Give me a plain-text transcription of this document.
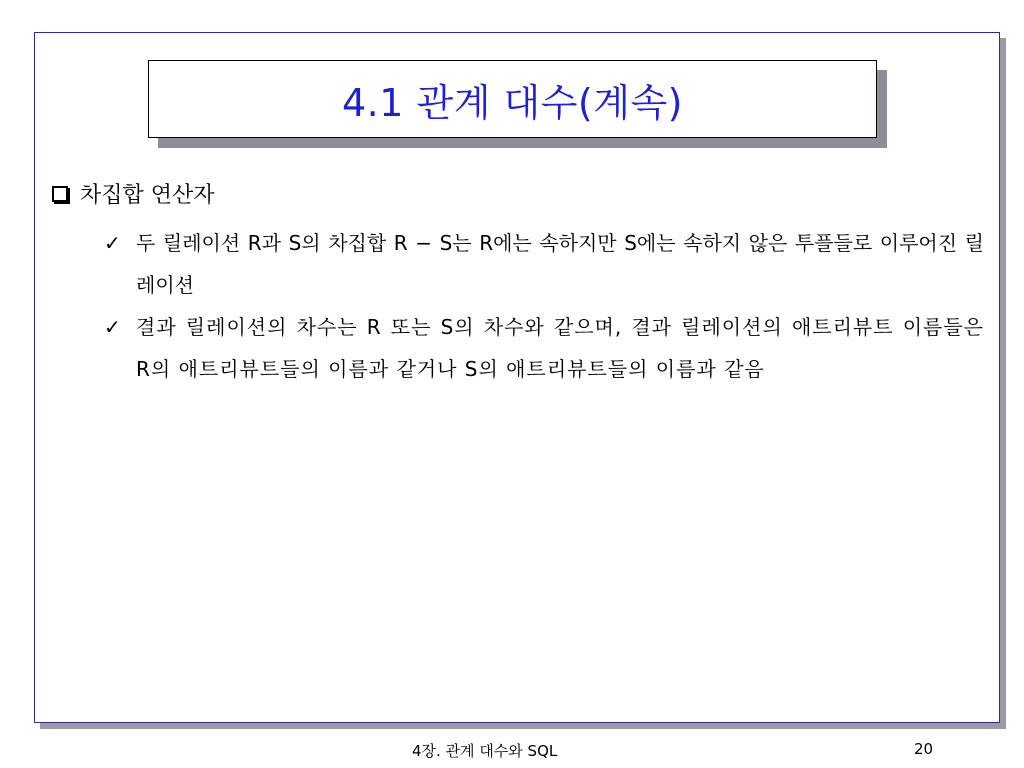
4.1 관계 대수(계속)
차집합 연산자
✓ 두 릴레이션 R과 S의 차집합 R − S는 R에는 속하지만 S에는 속하지 않은 투플들로 이루어진 릴레이션
✓ 결과 릴레이션의 차수는 R 또는 S의 차수와 같으며, 결과 릴레이션의 애트리뷰트 이름들은 R의 애트리뷰트들의 이름과 같거나 S의 애트리뷰트들의 이름과 같음
4장. 관계 대수와 SQL	20
